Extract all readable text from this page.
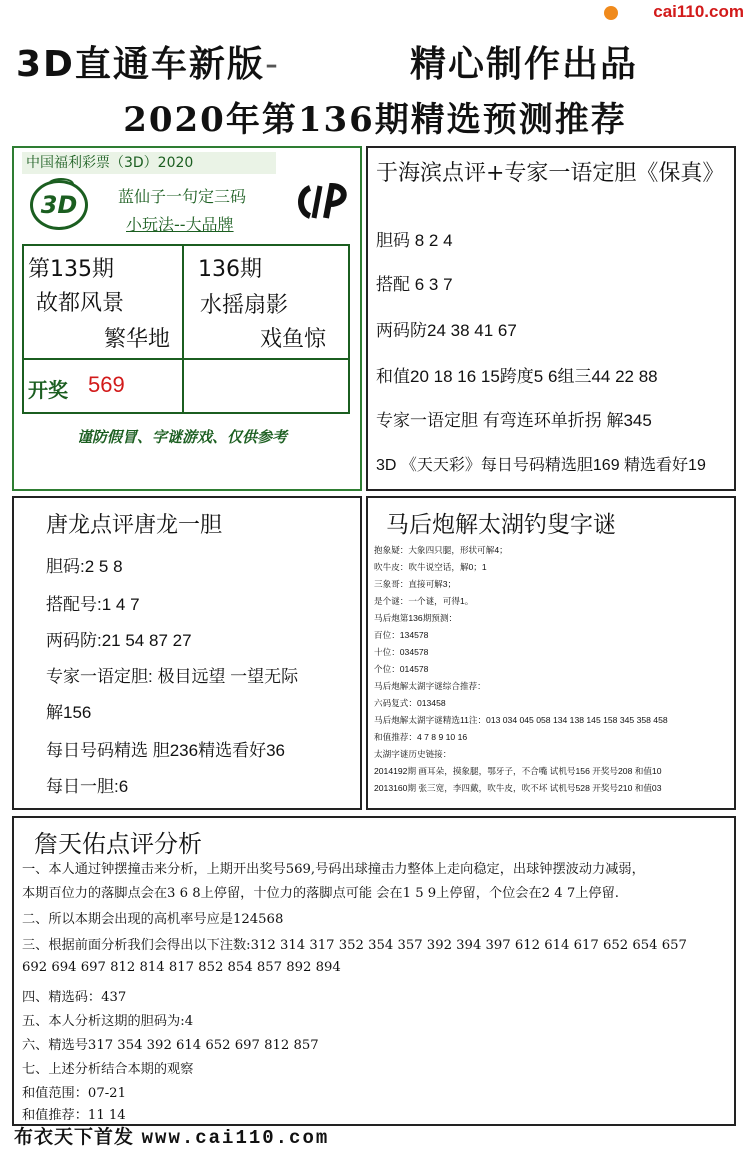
cai110.com
3D直通车新版-	精心制作出品
2020年第136期精选预测推荐
中国福利彩票（3D）2020
3D	蓝仙子一句定三码
小玩法--大品牌
第135期
故都风景
繁华地
136期
水摇扇影
戏鱼惊
开奖 569
谨防假冒、字谜游戏、仅供参考
于海滨点评+专家一语定胆《保真》
胆码 8 2 4
搭配 6 3 7
两码防24 38 41 67
和值20 18 16 15跨度5 6组三44 22 88
专家一语定胆 有弯连环单折拐 解345
3D 《天天彩》每日号码精选胆169 精选看好19
唐龙点评唐龙一胆
胆码:2 5 8
搭配号:1 4 7
两码防:21 54 87 27
专家一语定胆: 极目远望 一望无际
解156
每日号码精选 胆236精选看好36
每日一胆:6
马后炮解太湖钓叟字谜
抱象疑：大象四只腿，形状可解4；
吹牛皮：吹牛说空话，解0；1
三象哥：直接可解3；
是个谜：一个谜，可得1。
马后炮第136期预测：
百位：134578
十位：034578
个位：014578
马后炮解太湖字谜综合推荐：
六码复式：013458
马后炮解太湖字谜精选11注：013 034 045 058 134 138 145 158 345 358 458
和值推荐：4 7 8 9 10 16
太湖字谜历史链接：
2014192期 画耳朵，摸象腿，鄂牙子，不合嘴 试机号156 开奖号208 和值10
2013160期 张三宽，李四戴，吹牛皮，吹不坏 试机号528 开奖号210 和值03
詹天佑点评分析
一、本人通过钟摆撞击来分析，上期开出奖号569,号码出球撞击力整体上走向稳定，出球钟摆波动力减弱，
本期百位力的落脚点会在3 6 8上停留，十位力的落脚点可能 会在1 5 9上停留，个位会在2 4 7上停留.
二、所以本期会出现的高机率号应是124568
三、根据前面分析我们会得出以下注数:312 314 317 352 354 357 392 394 397 612 614 617 652 654 657
692 694 697 812 814 817 852 854 857 892 894
四、精选码：437
五、本人分析这期的胆码为:4
六、精选号317 354 392 614 652 697 812 857
七、上述分析结合本期的观察
和值范围：07-21
和值推荐：11 14
布衣天下首发 www.cai110.com
